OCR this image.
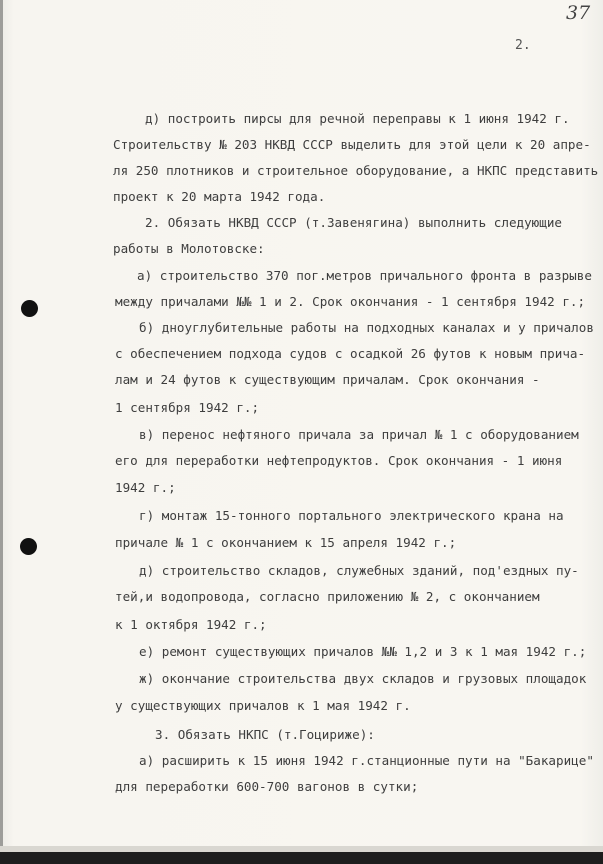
37
2.
д) построить пирсы для речной переправы к 1 июня 1942 г.
Строительству № 203 НКВД СССР выделить для этой цели к 20 апре-
ля 250 плотников и строительное оборудование, а НКПС представить
проект к 20 марта 1942 года.
2. Обязать НКВД СССР (т.Завенягина) выполнить следующие
работы в Молотовске:
а) строительство 370 пог.метров причального фронта в разрыве
между причалами №№ 1 и 2. Срок окончания - 1 сентября 1942 г.;
б) дноуглубительные работы на подходных каналах и у причалов
с обеспечением подхода судов с осадкой 26 футов к новым прича-
лам и 24 футов к существующим причалам. Срок окончания -
1 сентября 1942 г.;
в) перенос нефтяного причала за причал № 1 с оборудованием
его для переработки нефтепродуктов. Срок окончания - 1 июня
1942 г.;
г) монтаж 15-тонного портального электрического крана на
причале № 1 с окончанием к 15 апреля 1942 г.;
д) строительство складов, служебных зданий, под'ездных пу-
тей,и водопровода, согласно приложению № 2, с окончанием
к 1 октября 1942 г.;
е) ремонт существующих причалов №№ 1,2 и 3 к 1 мая 1942 г.;
ж) окончание строительства двух складов и грузовых площадок
у существующих причалов к 1 мая 1942 г.
3. Обязать НКПС (т.Гоцириже):
а) расширить к 15 июня 1942 г.станционные пути на "Бакарице"
для переработки 600-700 вагонов в сутки;
